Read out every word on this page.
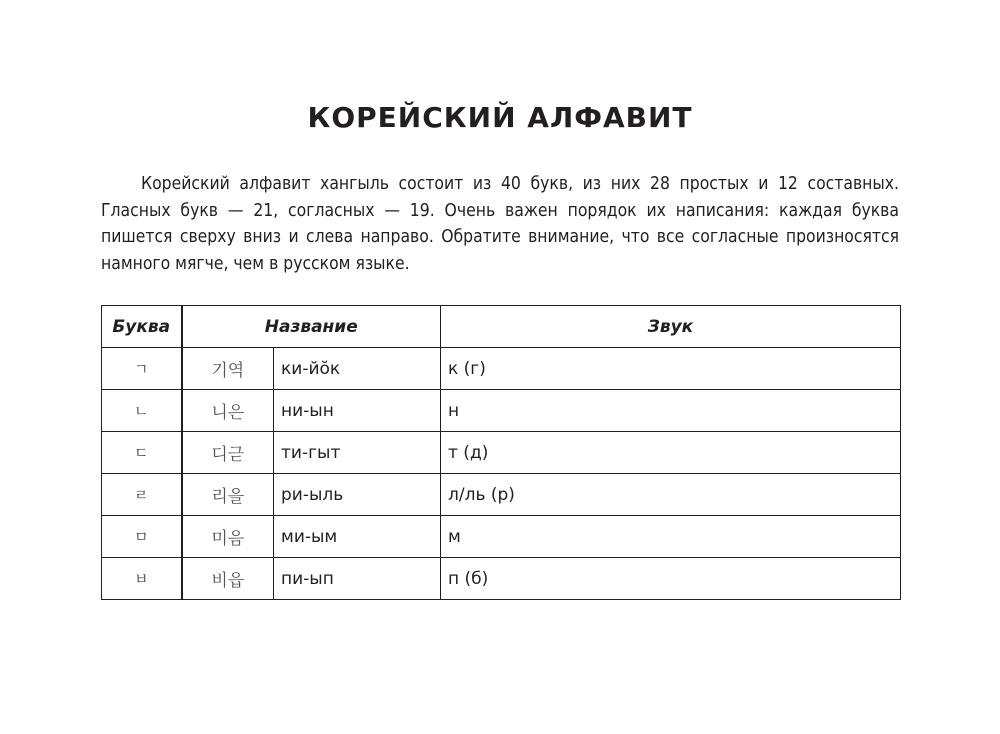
КОРЕЙСКИЙ АЛФАВИТ

Корейский алфавит хангыль состоит из 40 букв, из них 28 простых и 12 составных. Гласных букв — 21, согласных — 19. Очень важен порядок их написания: каждая буква пишется сверху вниз и слева направо. Обратите внимание, что все согласные произносятся намного мягче, чем в русском языке.

Буква	Название		Звук
ㄱ	기역	ки-йŏк	к (г)
ㄴ	니은	ни-ын	н
ㄷ	디귿	ти-гыт	т (д)
ㄹ	리을	ри-ыль	л/ль (р)
ㅁ	미음	ми-ым	м
ㅂ	비읍	пи-ып	п (б)
